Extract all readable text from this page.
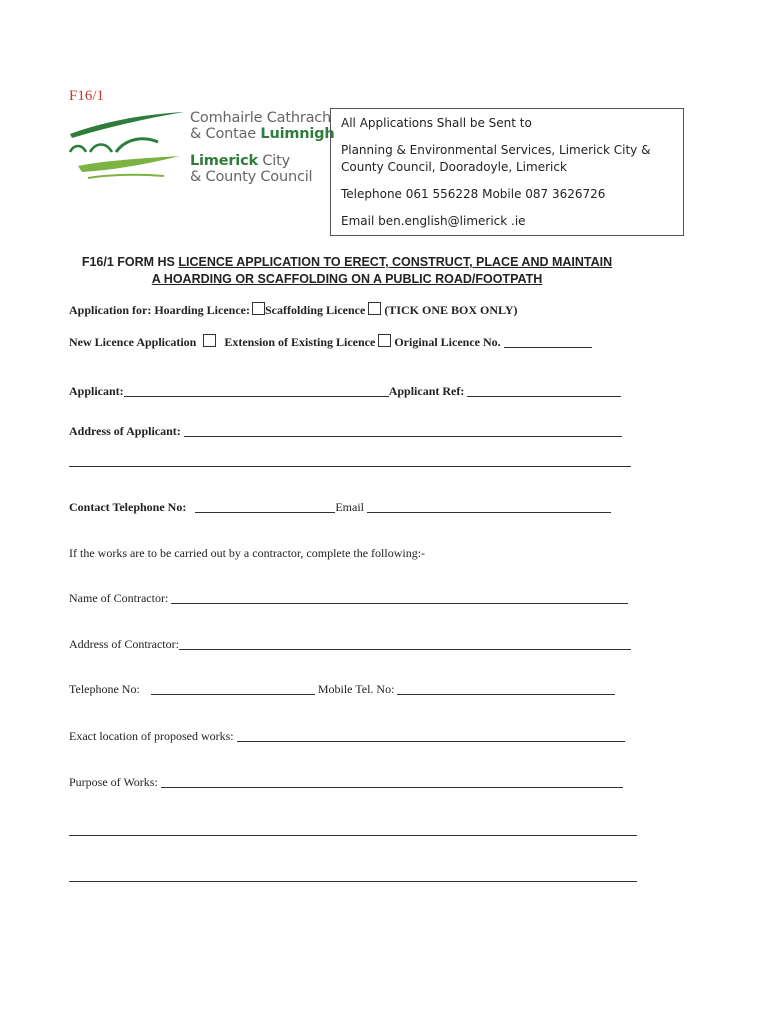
F16/1
Comhairle Cathrach
& Contae Luimnigh
Limerick City
& County Council

All Applications Shall be Sent to

Planning & Environmental Services, Limerick City &

County Council, Dooradoyle, Limerick

Telephone 061 556228 Mobile 087 3626726

Email ben.english@limerick .ie

F16/1 FORM HS LICENCE APPLICATION TO ERECT, CONSTRUCT, PLACE AND MAINTAIN
A HOARDING OR SCAFFOLDING ON A PUBLIC ROAD/FOOTPATH
Application for: Hoarding Licence: Scaffolding Licence (TICK ONE BOX ONLY)
New Licence Application Extension of Existing Licence Original Licence No.
Applicant:	Applicant Ref:
Address of Applicant:
Contact Telephone No:	Email
If the works are to be carried out by a contractor, complete the following:-
Name of Contractor:
Address of Contractor:
Telephone No:	Mobile Tel. No:
Exact location of proposed works:
Purpose of Works:
